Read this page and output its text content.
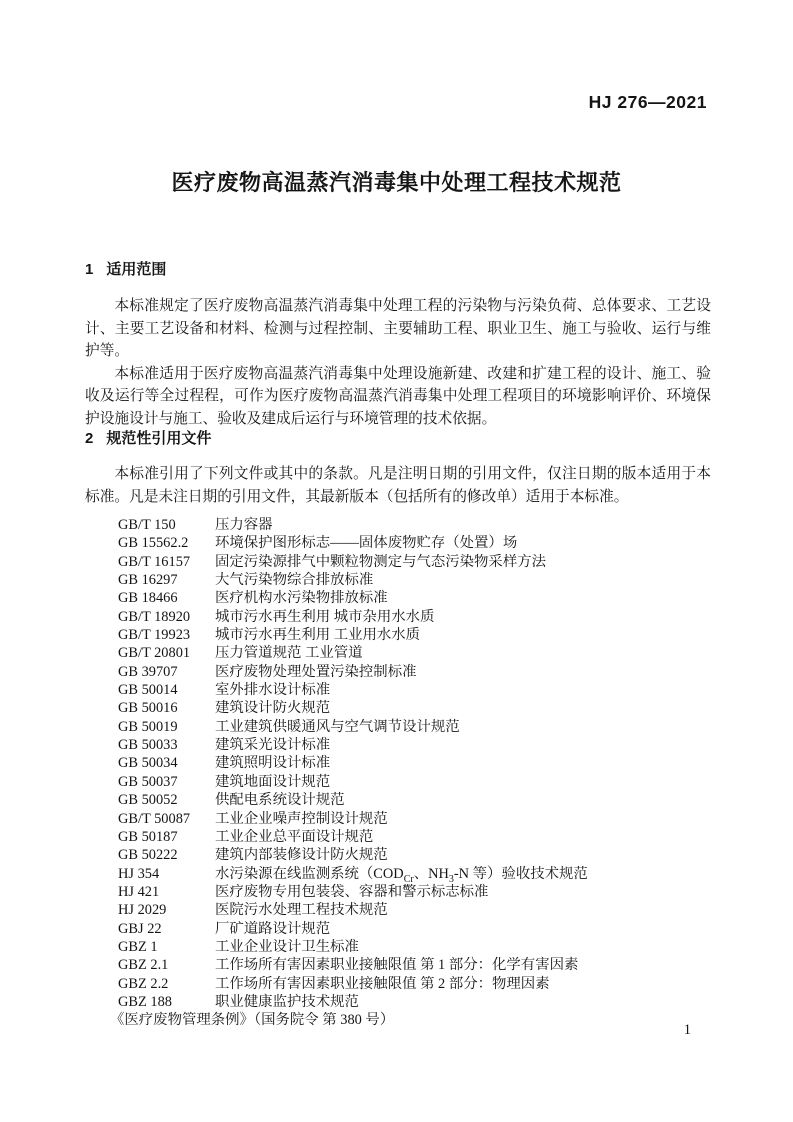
HJ 276—2021
医疗废物高温蒸汽消毒集中处理工程技术规范
1 适用范围

本标准规定了医疗废物高温蒸汽消毒集中处理工程的污染物与污染负荷、总体要求、工艺设计、主要工艺设备和材料、检测与过程控制、主要辅助工程、职业卫生、施工与验收、运行与维护等。

本标准适用于医疗废物高温蒸汽消毒集中处理设施新建、改建和扩建工程的设计、施工、验收及运行等全过程程，可作为医疗废物高温蒸汽消毒集中处理工程项目的环境影响评价、环境保护设施设计与施工、验收及建成后运行与环境管理的技术依据。

2 规范性引用文件

本标准引用了下列文件或其中的条款。凡是注明日期的引用文件，仅注日期的版本适用于本标准。凡是未注日期的引用文件，其最新版本（包括所有的修改单）适用于本标准。

GB/T 150	压力容器
GB 15562.2	环境保护图形标志——固体废物贮存（处置）场
GB/T 16157	固定污染源排气中颗粒物测定与气态污染物采样方法
GB 16297	大气污染物综合排放标准
GB 18466	医疗机构水污染物排放标准
GB/T 18920	城市污水再生利用 城市杂用水水质
GB/T 19923	城市污水再生利用 工业用水水质
GB/T 20801	压力管道规范 工业管道
GB 39707	医疗废物处理处置污染控制标准
GB 50014	室外排水设计标准
GB 50016	建筑设计防火规范
GB 50019	工业建筑供暖通风与空气调节设计规范
GB 50033	建筑采光设计标准
GB 50034	建筑照明设计标准
GB 50037	建筑地面设计规范
GB 50052	供配电系统设计规范
GB/T 50087	工业企业噪声控制设计规范
GB 50187	工业企业总平面设计规范
GB 50222	建筑内部装修设计防火规范
HJ 354	水污染源在线监测系统（$COD_{Cr}$、$NH_3-N$ 等）验收技术规范
HJ 421	医疗废物专用包装袋、容器和警示标志标准
HJ 2029	医院污水处理工程技术规范
GBJ 22	厂矿道路设计规范
GBZ 1	工业企业设计卫生标准
GBZ 2.1	工作场所有害因素职业接触限值 第 1 部分：化学有害因素
GBZ 2.2	工作场所有害因素职业接触限值 第 2 部分：物理因素
GBZ 188	职业健康监护技术规范
《医疗废物管理条例》（国务院令 第 380 号）
1
